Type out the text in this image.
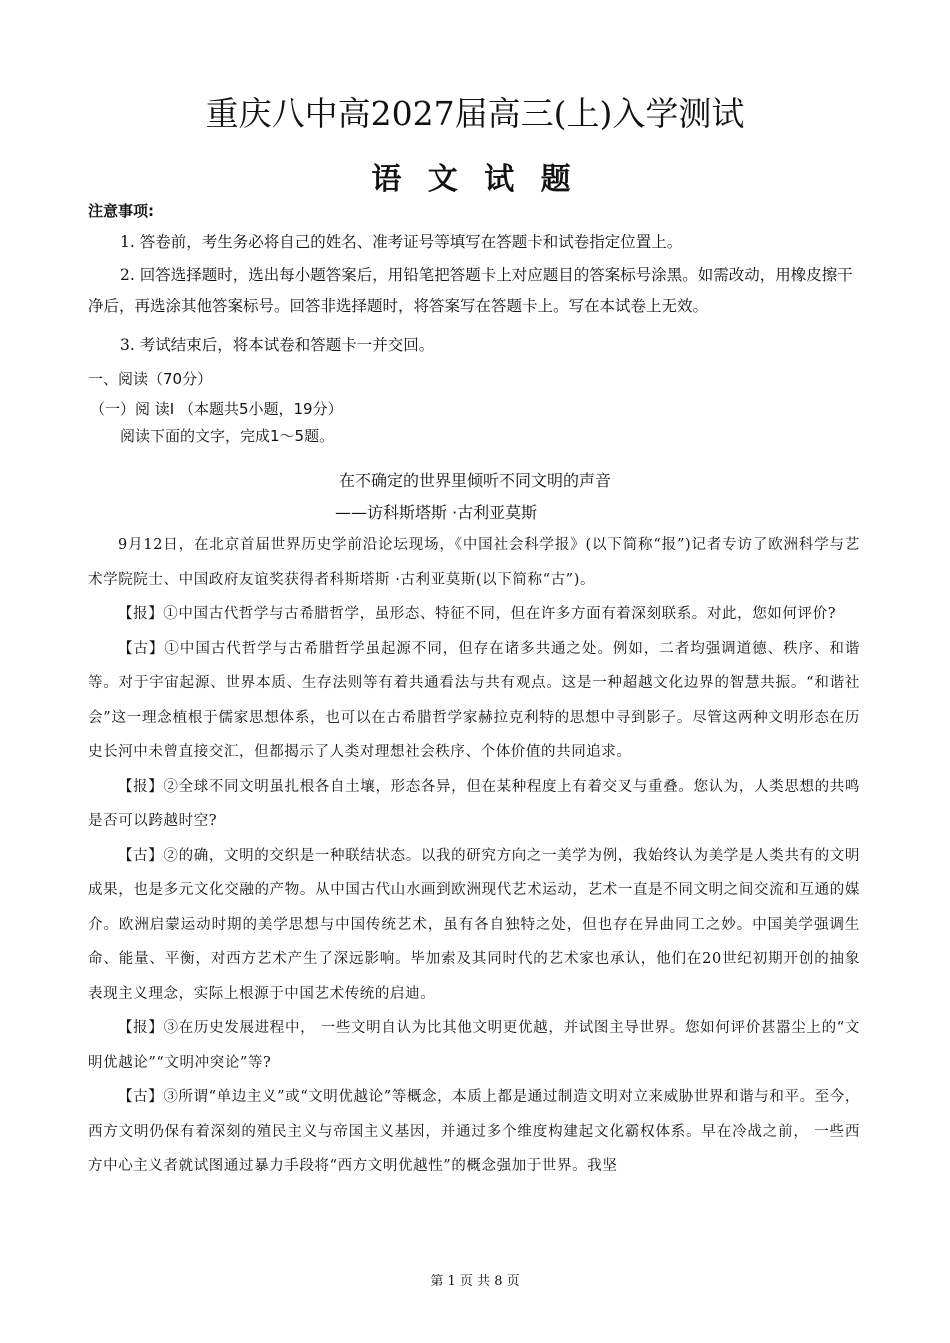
重庆八中高2027届高三(上)入学测试
语 文 试 题
注意事项:
1. 答卷前，考生务必将自己的姓名、准考证号等填写在答题卡和试卷指定位置上。
2. 回答选择题时，选出每小题答案后，用铅笔把答题卡上对应题目的答案标号涂黑。如需改动，用橡皮擦干净后，再选涂其他答案标号。回答非选择题时，将答案写在答题卡上。写在本试卷上无效。
3. 考试结束后，将本试卷和答题卡一并交回。
一、阅读（70分）
（一）阅 读I （本题共5小题，19分）
阅读下面的文字，完成1～5题。
在不确定的世界里倾听不同文明的声音
——访科斯塔斯 ·古利亚莫斯

9月12日，在北京首届世界历史学前沿论坛现场，《中国社会科学报》(以下简称“报”)记者专访了欧洲科学与艺术学院院士、中国政府友谊奖获得者科斯塔斯 ·古利亚莫斯(以下简称“古”)。

【报】①中国古代哲学与古希腊哲学，虽形态、特征不同，但在许多方面有着深刻联系。对此，您如何评价?

【古】①中国古代哲学与古希腊哲学虽起源不同，但存在诸多共通之处。例如，二者均强调道德、秩序、和谐等。对于宇宙起源、世界本质、生存法则等有着共通看法与共有观点。这是一种超越文化边界的智慧共振。“和谐社会”这一理念植根于儒家思想体系，也可以在古希腊哲学家赫拉克利特的思想中寻到影子。尽管这两种文明形态在历史长河中未曾直接交汇，但都揭示了人类对理想社会秩序、个体价值的共同追求。

【报】②全球不同文明虽扎根各自土壤，形态各异，但在某种程度上有着交叉与重叠。您认为，人类思想的共鸣是否可以跨越时空?

【古】②的确，文明的交织是一种联结状态。以我的研究方向之一美学为例，我始终认为美学是人类共有的文明成果，也是多元文化交融的产物。从中国古代山水画到欧洲现代艺术运动，艺术一直是不同文明之间交流和互通的媒介。欧洲启蒙运动时期的美学思想与中国传统艺术，虽有各自独特之处，但也存在异曲同工之妙。中国美学强调生命、能量、平衡，对西方艺术产生了深远影响。毕加索及其同时代的艺术家也承认，他们在20世纪初期开创的抽象表现主义理念，实际上根源于中国艺术传统的启迪。

【报】③在历史发展进程中， 一些文明自认为比其他文明更优越，并试图主导世界。您如何评价甚嚣尘上的“文明优越论”“文明冲突论”等?

【古】③所谓“单边主义”或“文明优越论”等概念，本质上都是通过制造文明对立来威胁世界和谐与和平。至今，西方文明仍保有着深刻的殖民主义与帝国主义基因，并通过多个维度构建起文化霸权体系。早在冷战之前， 一些西方中心主义者就试图通过暴力手段将“西方文明优越性”的概念强加于世界。我坚

第 1 页 共 8 页
